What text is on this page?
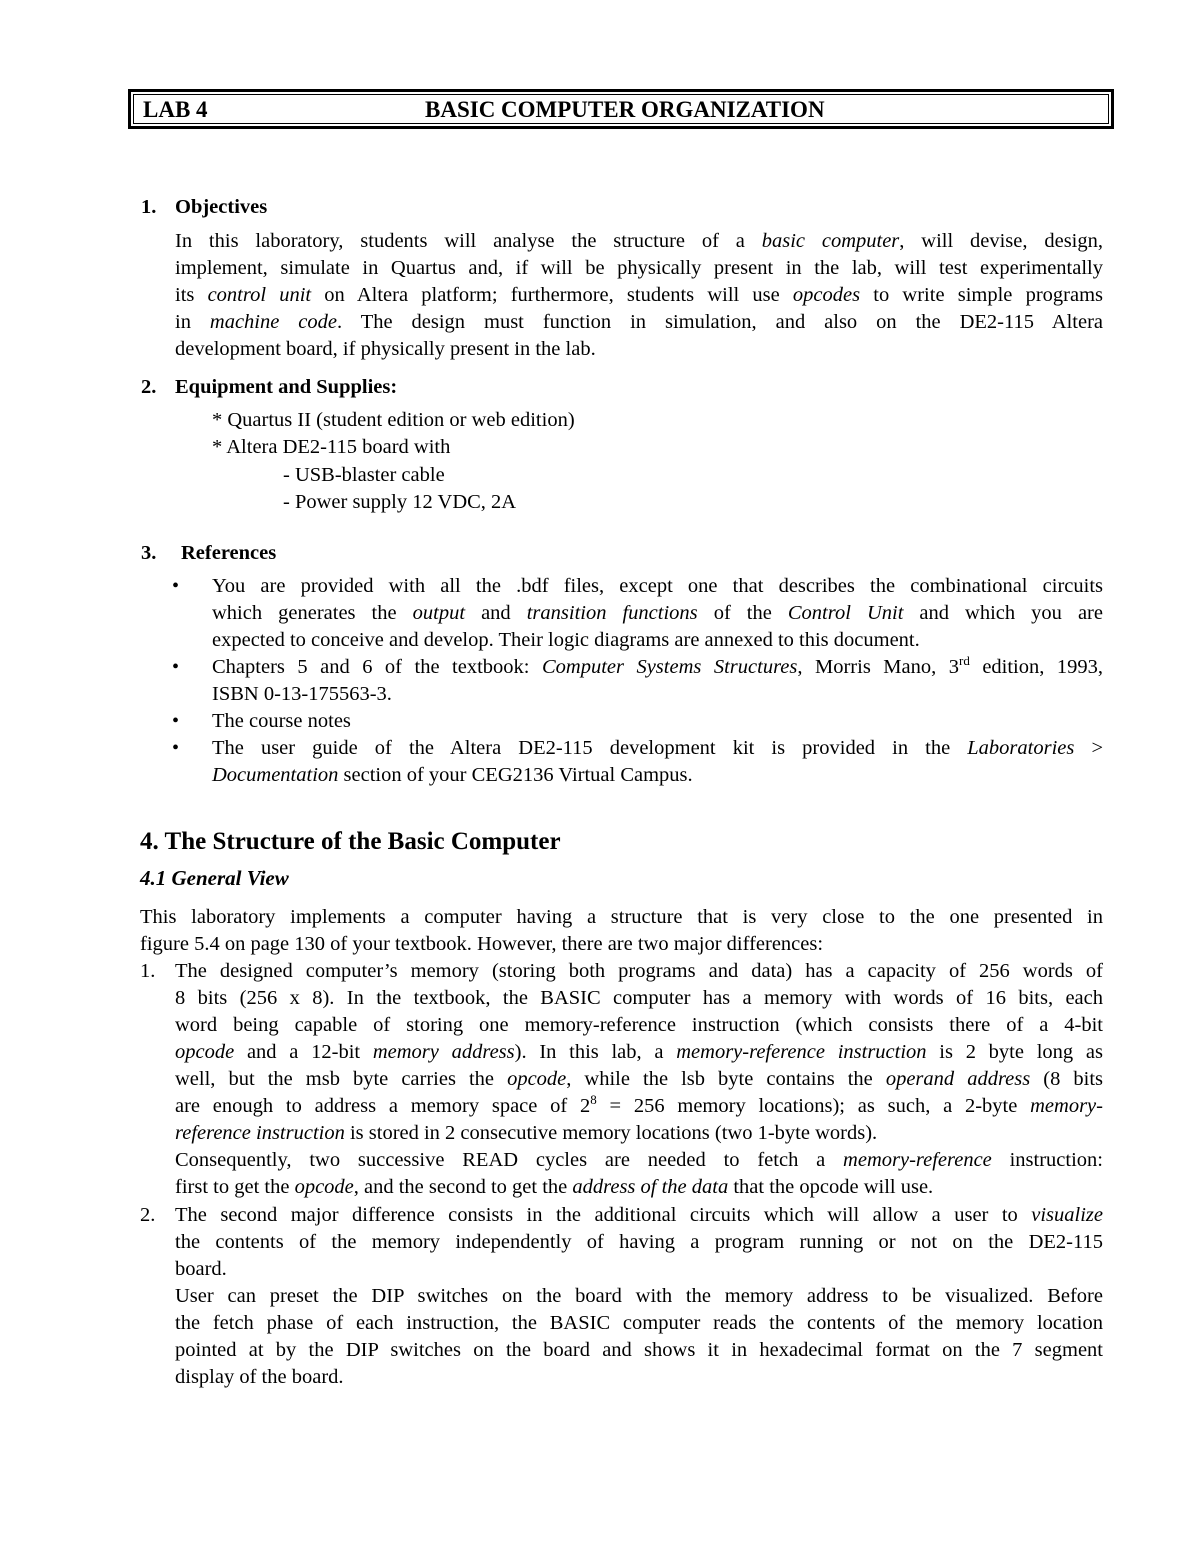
LAB 4	BASIC COMPUTER ORGANIZATION
1. Objectives
In this laboratory, students will analyse the structure of a basic computer, will devise, design,
implement, simulate in Quartus and, if will be physically present in the lab, will test experimentally
its control unit on Altera platform; furthermore, students will use opcodes to write simple programs
in machine code. The design must function in simulation, and also on the DE2-115 Altera
development board, if physically present in the lab.
2. Equipment and Supplies:
* Quartus II (student edition or web edition)
* Altera DE2-115 board with
- USB-blaster cable
- Power supply 12 VDC, 2A
3. References
• You are provided with all the .bdf files, except one that describes the combinational circuits
which generates the output and transition functions of the Control Unit and which you are
expected to conceive and develop. Their logic diagrams are annexed to this document.
• Chapters 5 and 6 of the textbook: Computer Systems Structures, Morris Mano, 3rd edition, 1993,
ISBN 0-13-175563-3.
• The course notes
• The user guide of the Altera DE2-115 development kit is provided in the Laboratories >
Documentation section of your CEG2136 Virtual Campus.
4. The Structure of the Basic Computer
4.1 General View
This laboratory implements a computer having a structure that is very close to the one presented in
figure 5.4 on page 130 of your textbook. However, there are two major differences:
1. The designed computer’s memory (storing both programs and data) has a capacity of 256 words of
8 bits (256 x 8). In the textbook, the BASIC computer has a memory with words of 16 bits, each
word being capable of storing one memory-reference instruction (which consists there of a 4-bit
opcode and a 12-bit memory address). In this lab, a memory-reference instruction is 2 byte long as
well, but the msb byte carries the opcode, while the lsb byte contains the operand address (8 bits
are enough to address a memory space of $2^8 = 256$ memory locations); as such, a 2-byte memory-
reference instruction is stored in 2 consecutive memory locations (two 1-byte words).
Consequently, two successive READ cycles are needed to fetch a memory-reference instruction:
first to get the opcode, and the second to get the address of the data that the opcode will use.
2. The second major difference consists in the additional circuits which will allow a user to visualize
the contents of the memory independently of having a program running or not on the DE2-115
board.
User can preset the DIP switches on the board with the memory address to be visualized. Before
the fetch phase of each instruction, the BASIC computer reads the contents of the memory location
pointed at by the DIP switches on the board and shows it in hexadecimal format on the 7 segment
display of the board.
